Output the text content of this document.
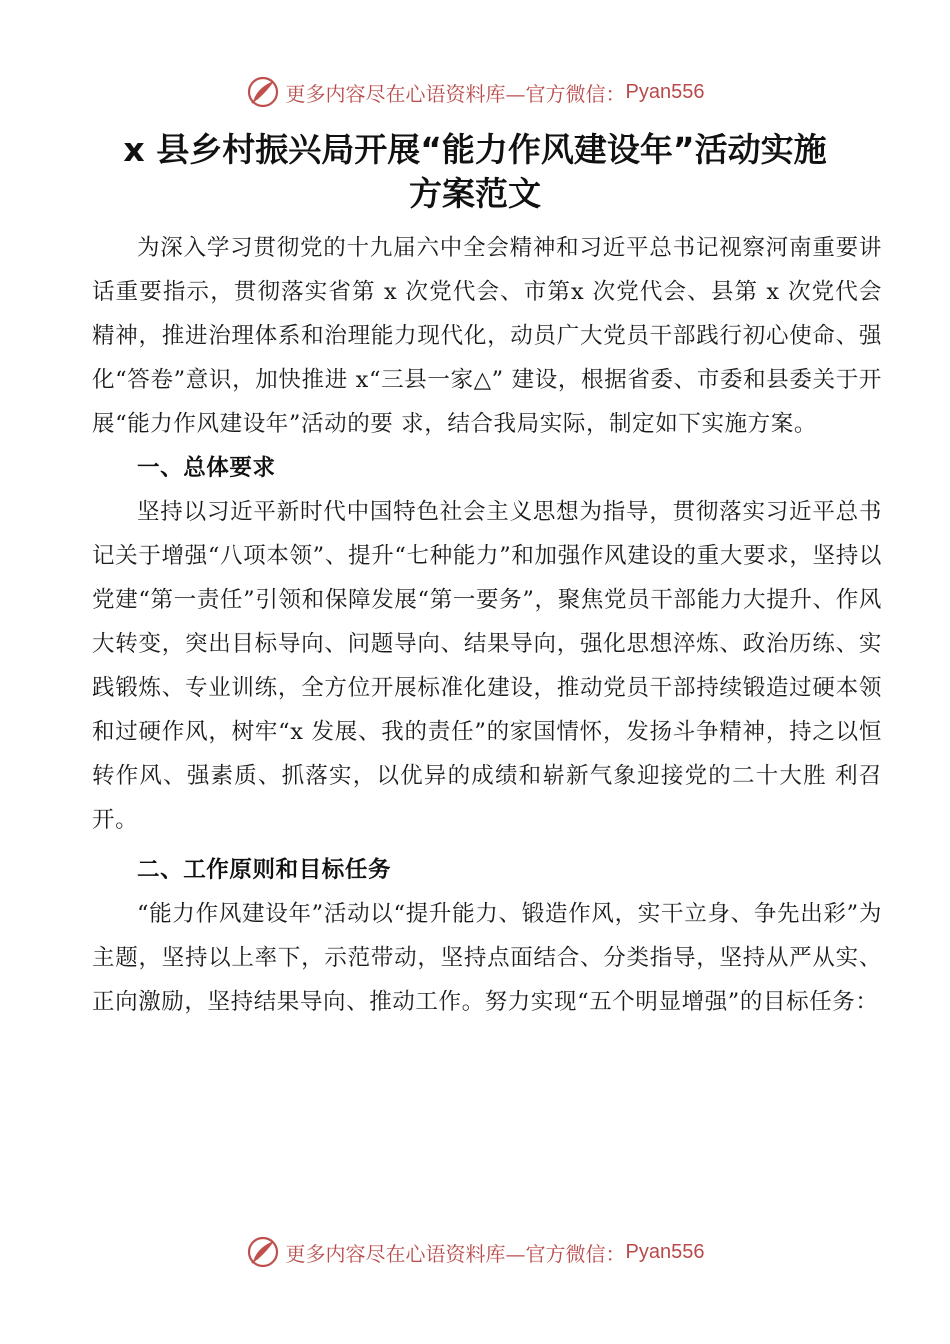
更多内容尽在心语资料库—官方微信： Pyan556
x 县乡村振兴局开展“能力作风建设年”活动实施
方案范文

为深入学习贯彻党的十九届六中全会精神和习近平总书记视察河南重要讲话重要指示，贯彻落实省第 x 次党代会、市第x 次党代会、县第 x 次党代会精神，推进治理体系和治理能力现代化，动员广大党员干部践行初心使命、强化“答卷”意识，加快推进 x“三县一家△” 建设，根据省委、市委和县委关于开展“能力作风建设年”活动的要 求，结合我局实际，制定如下实施方案。

一、总体要求

坚持以习近平新时代中国特色社会主义思想为指导，贯彻落实习近平总书记关于增强“八项本领”、提升“七种能力”和加强作风建设的重大要求，坚持以党建“第一责任”引领和保障发展“第一要务”，聚焦党员干部能力大提升、作风大转变，突出目标导向、问题导向、结果导向，强化思想淬炼、政治历练、实践锻炼、专业训练，全方位开展标准化建设，推动党员干部持续锻造过硬本领和过硬作风，树牢“x 发展、我的责任”的家国情怀，发扬斗争精神，持之以恒转作风、强素质、抓落实，以优异的成绩和崭新气象迎接党的二十大胜 利召开。

二、工作原则和目标任务

“能力作风建设年”活动以“提升能力、锻造作风，实干立身、争先出彩”为主题，坚持以上率下，示范带动，坚持点面结合、分类指导，坚持从严从实、正向激励，坚持结果导向、推动工作。努力实现“五个明显增强”的目标任务：

更多内容尽在心语资料库—官方微信： Pyan556
